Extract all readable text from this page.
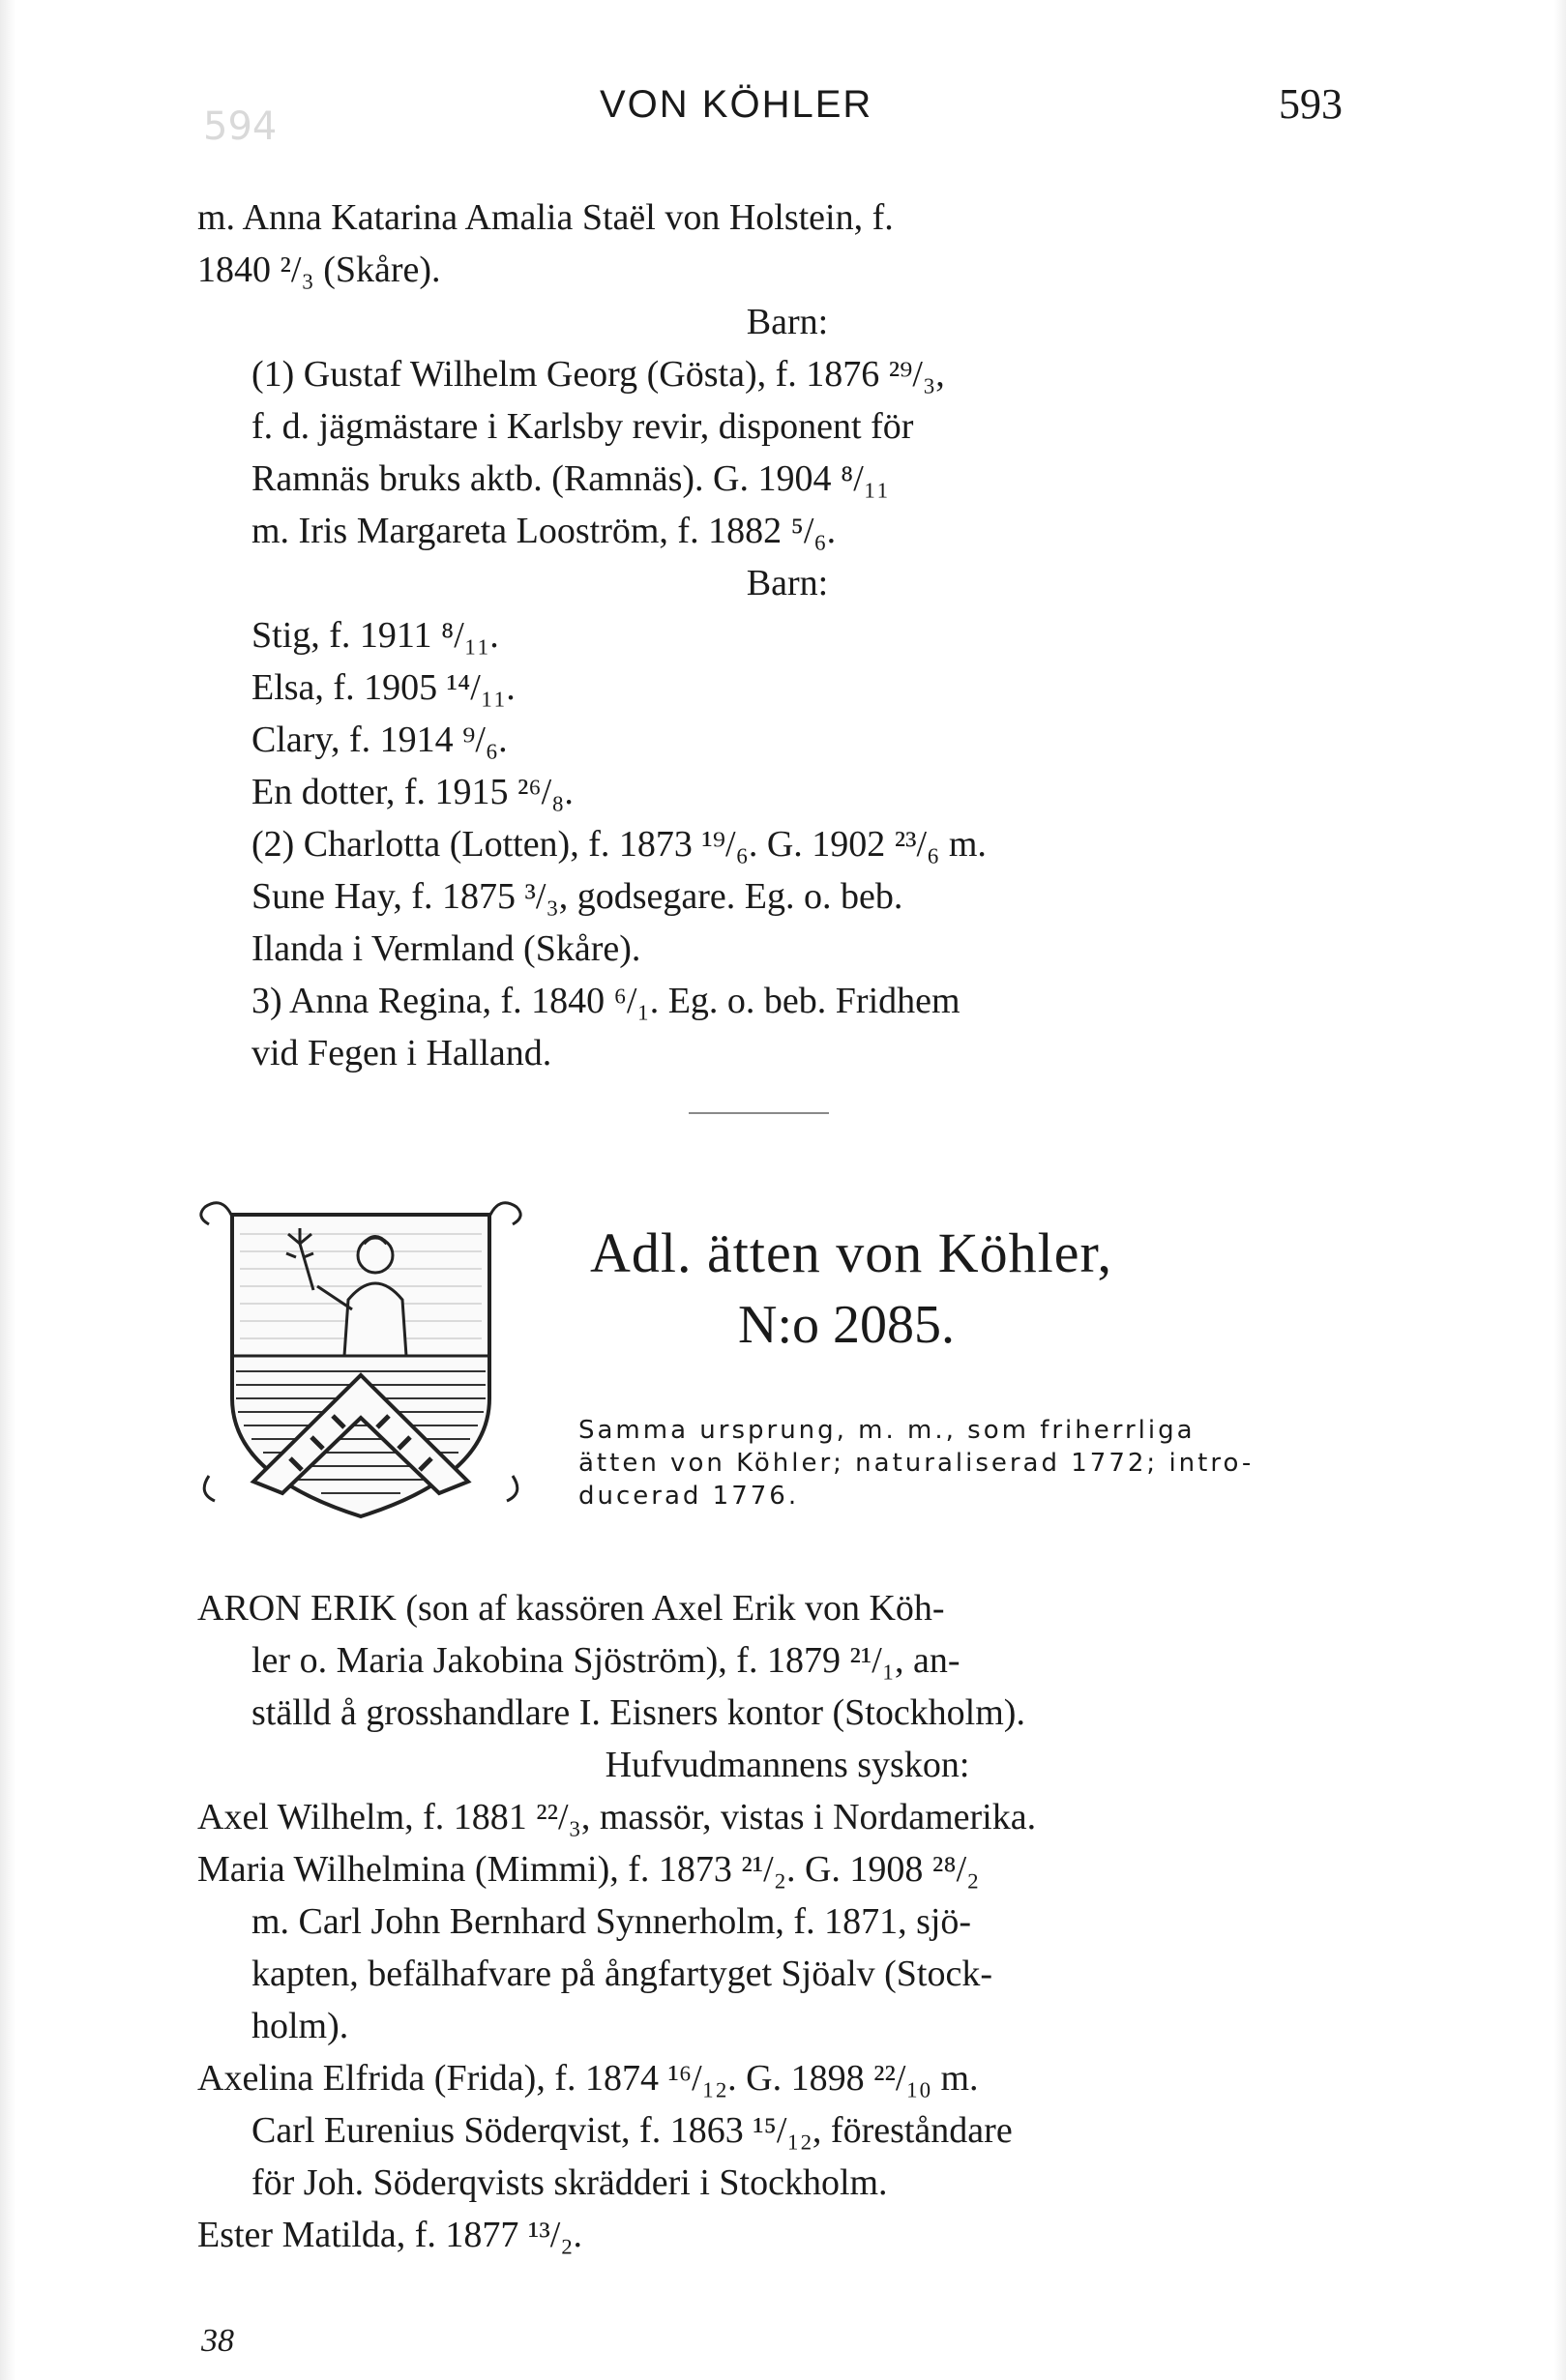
594	VON KÖHLER	593

m. Anna Katarina Amalia Staël von Holstein, f.

1840 ²/₃ (Skåre).

Barn:

(1) Gustaf Wilhelm Georg (Gösta), f. 1876 ²⁹/₃,

f. d. jägmästare i Karlsby revir, disponent för

Ramnäs bruks aktb. (Ramnäs). G. 1904 ⁸/₁₁

m. Iris Margareta Looström, f. 1882 ⁵/₆.

Barn:

Stig, f. 1911 ⁸/₁₁.

Elsa, f. 1905 ¹⁴/₁₁.

Clary, f. 1914 ⁹/₆.

En dotter, f. 1915 ²⁶/₈.

(2) Charlotta (Lotten), f. 1873 ¹⁹/₆. G. 1902 ²³/₆ m.

Sune Hay, f. 1875 ³/₃, godsegare. Eg. o. beb.

Ilanda i Vermland (Skåre).

3) Anna Regina, f. 1840 ⁶/₁. Eg. o. beb. Fridhem

vid Fegen i Halland.

Adl. ätten von Köhler,
N:o 2085.
Samma ursprung, m. m., som friherrliga
ätten von Köhler; naturaliserad 1772; intro-
ducerad 1776.

ARON ERIK (son af kassören Axel Erik von Köh-

ler o. Maria Jakobina Sjöström), f. 1879 ²¹/₁, an-

ställd å grosshandlare I. Eisners kontor (Stockholm).

Hufvudmannens syskon:

Axel Wilhelm, f. 1881 ²²/₃, massör, vistas i Nordamerika.

Maria Wilhelmina (Mimmi), f. 1873 ²¹/₂. G. 1908 ²⁸/₂

m. Carl John Bernhard Synnerholm, f. 1871, sjö-

kapten, befälhafvare på ångfartyget Sjöalv (Stock-

holm).

Axelina Elfrida (Frida), f. 1874 ¹⁶/₁₂. G. 1898 ²²/₁₀ m.

Carl Eurenius Söderqvist, f. 1863 ¹⁵/₁₂, föreståndare

för Joh. Söderqvists skrädderi i Stockholm.

Ester Matilda, f. 1877 ¹³/₂.

38
